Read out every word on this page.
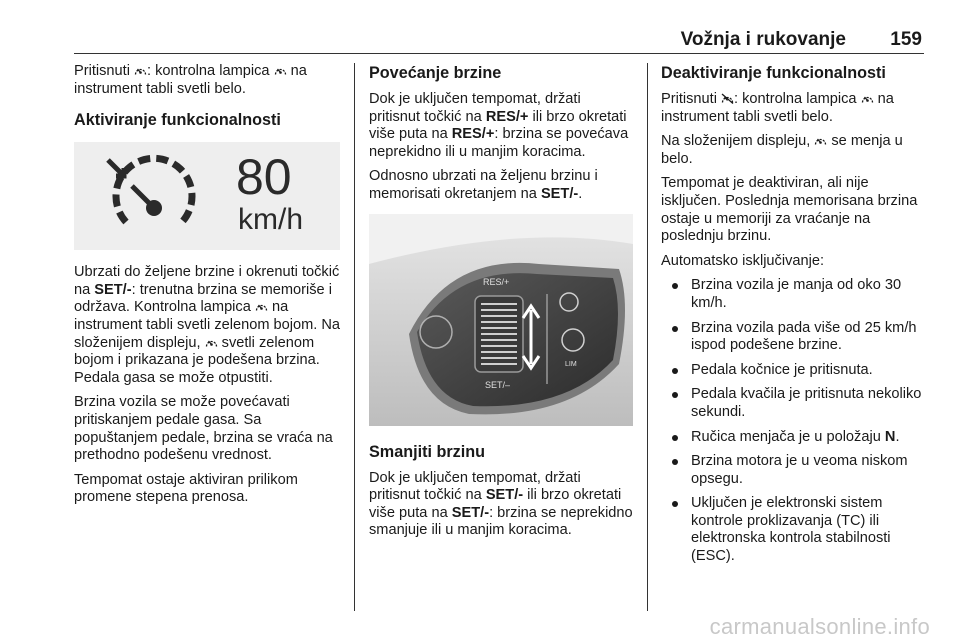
Vožnja i rukovanje 159

Pritisnuti : kontrolna lampica  na instrument tabli svetli belo.

Aktiviranje funkcionalnosti
80
km/h

Ubrzati do željene brzine i okrenuti točkić na SET/-: trenutna brzina se memoriše i održava. Kontrolna lampica  na instrument tabli svetli zelenom bojom. Na složenijem displeju,  svetli zelenom bojom i prikazana je podešena brzina. Pedala gasa se može otpustiti.

Brzina vozila se može povećavati pritiskanjem pedale gasa. Sa popuštanjem pedale, brzina se vraća na prethodno podešenu vrednost.

Tempomat ostaje aktiviran prilikom promene stepena prenosa.

Povećanje brzine

Dok je uključen tempomat, držati pritisnut točkić na RES/+ ili brzo okretati više puta na RES/+: brzina se povećava neprekidno ili u manjim koracima.

Odnosno ubrzati na željenu brzinu i memorisati okretanjem na SET/-.

RES/+
SET/–
LIM
Smanjiti brzinu

Dok je uključen tempomat, držati pritisnut točkić na SET/- ili brzo okretati više puta na SET/-: brzina se neprekidno smanjuje ili u manjim koracima.

Deaktiviranje funkcionalnosti

Pritisnuti : kontrolna lampica  na instrument tabli svetli belo.

Na složenijem displeju,  se menja u belo.

Tempomat je deaktiviran, ali nije isključen. Poslednja memorisana brzina ostaje u memoriji za vraćanje na poslednju brzinu.

Automatsko isključivanje:

Brzina vozila je manja od oko 30 km/h.
Brzina vozila pada više od 25 km/h ispod podešene brzine.
Pedala kočnice je pritisnuta.
Pedala kvačila je pritisnuta nekoliko sekundi.
Ručica menjača je u položaju N.
Brzina motora je u veoma niskom opsegu.
Uključen je elektronski sistem kontrole proklizavanja (TC) ili elektronska kontrola stabilnosti (ESC).
carmanualsonline.info
